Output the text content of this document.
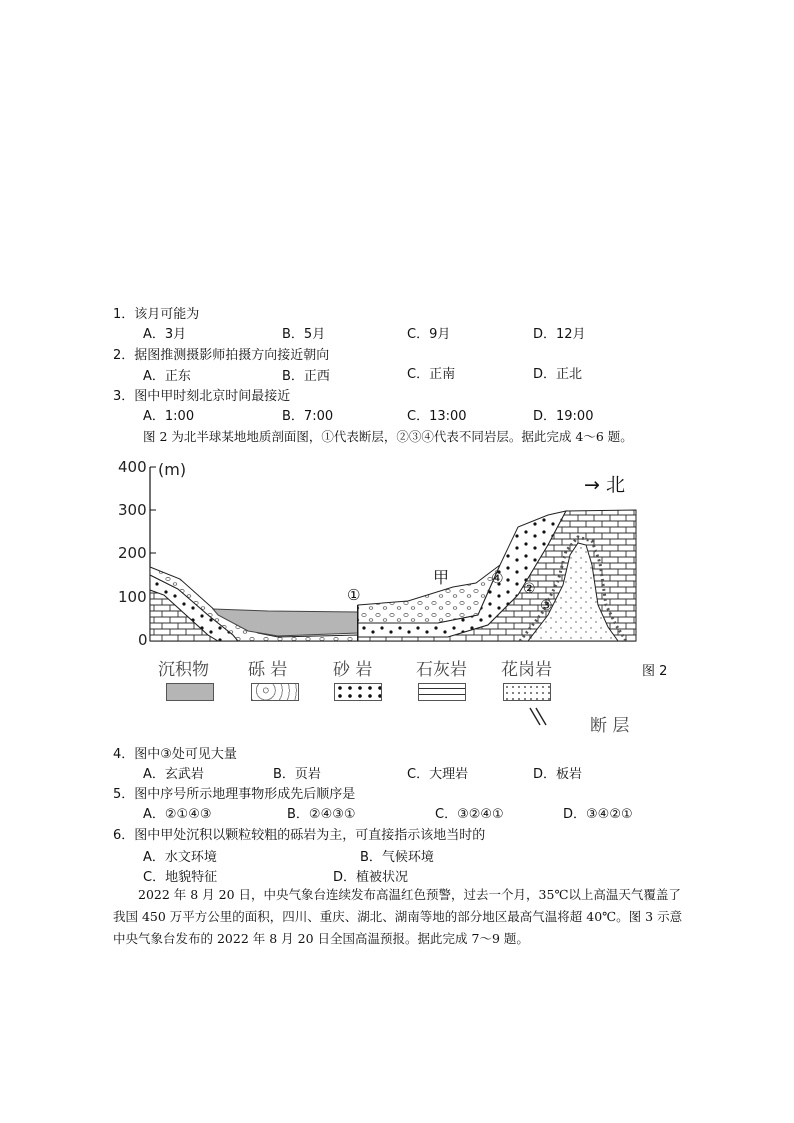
1．该月可能为
A．3月	B．5月	C．9月	D．12月
2．据图推测摄影师拍摄方向接近朝向
A．正东	B．正西	C．正南	D．正北
3．图中甲时刻北京时间最接近
A．1:00	B．7:00	C．13:00	D．19:00
图 2 为北半球某地地质剖面图，①代表断层，②③④代表不同岩层。据此完成 4～6 题。
400
300
200
100
0
(m)
→ 北
甲
①
④
②
③
沉积物 砾 岩	砂 岩	石灰岩 花岗岩
断 层
图 2
4．图中③处可见大量
A．玄武岩	B．页岩	C．大理岩	D．板岩
5．图中序号所示地理事物形成先后顺序是
A．②①④③	B．②④③①	C．③②④①	D．③④②①
6．图中甲处沉积以颗粒较粗的砾岩为主，可直接指示该地当时的
A．水文环境	B．气候环境
C．地貌特征	D．植被状况

2022 年 8 月 20 日，中央气象台连续发布高温红色预警，过去一个月，35℃以上高温天气覆盖了我国 450 万平方公里的面积，四川、重庆、湖北、湖南等地的部分地区最高气温将超 40℃。图 3 示意中央气象台发布的 2022 年 8 月 20 日全国高温预报。据此完成 7～9 题。
